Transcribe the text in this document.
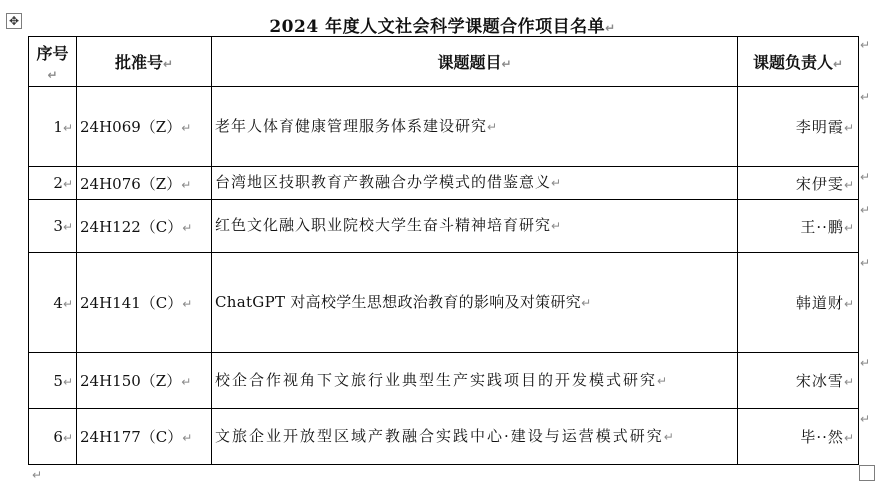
✥	2024 年度人文社会科学课题合作项目名单↵
序号↵	批准号↵	课题题目↵	课题负责人↵
1↵	24H069（Z）↵	老年人体育健康管理服务体系建设研究↵	李明霞↵
2↵	24H076（Z）↵	台湾地区技职教育产教融合办学模式的借鉴意义↵	宋伊雯↵
3↵	24H122（C）↵	红色文化融入职业院校大学生奋斗精神培育研究↵	王··鹏↵
4↵	24H141（C）↵	ChatGPT 对高校学生思想政治教育的影响及对策研究↵	韩道财↵
5↵	24H150（Z）↵	校企合作视角下文旅行业典型生产实践项目的开发模式研究↵	宋冰雪↵
6↵	24H177（C）↵	文旅企业开放型区域产教融合实践中心·建设与运营模式研究↵	毕··然↵
↵
↵
↵
↵
↵
↵
↵
↵
